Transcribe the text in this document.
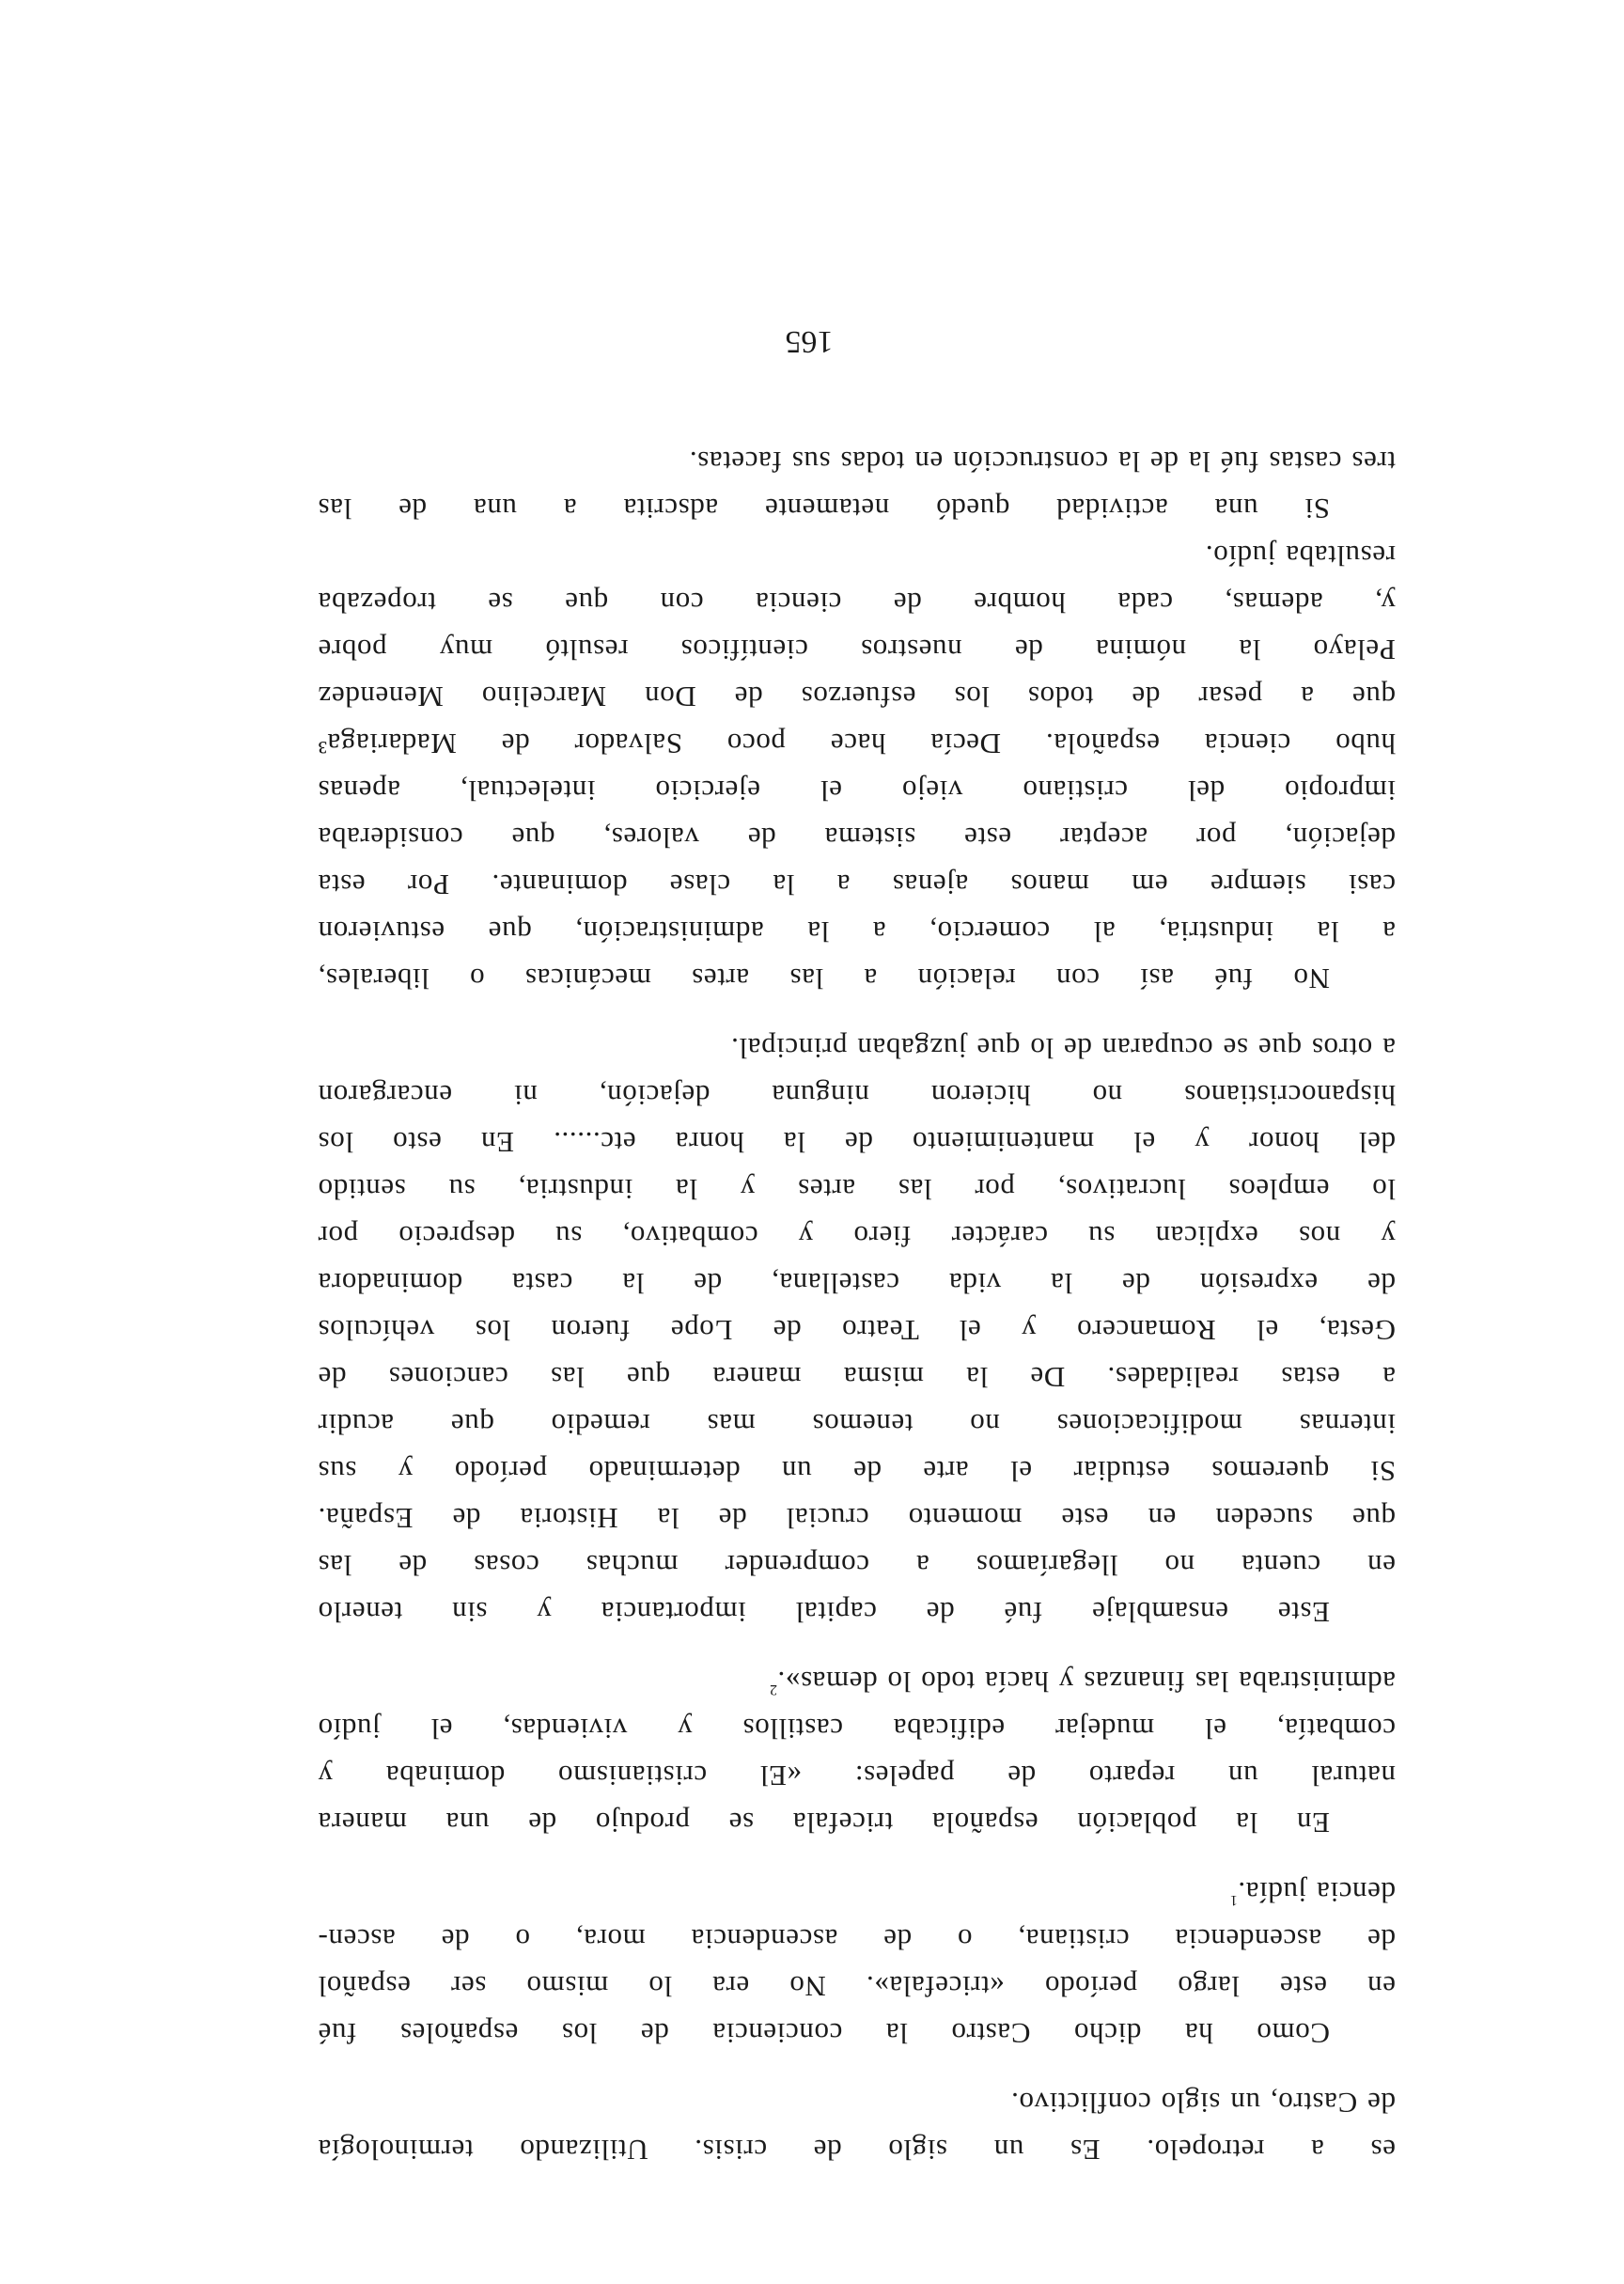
es a retropelo. Es un siglo de crisis. Utilizando terminología
de Castro, un siglo conflictivo.
Como ha dicho Castro la conciencia de los españoles fué
en este largo período «tricefala». No era lo mismo ser español
de ascendencia cristiana, o de ascendencia mora, o de ascen-
dencia judía.$^1$
En la población española tricefala se produjo de una manera
natural un reparto de papeles: «El cristianismo dominaba y
combatía, el mudejar edificaba castillos y viviendas, el judío
administraba las finanzas y hacía todo lo demas».$^2$
Este ensamblaje fué de capital importancia y sin tenerlo
en cuenta no llegaríamos a comprender muchas cosas de las
que suceden en este momento crucial de la Historia de España.
Si queremos estudiar el arte de un determinado período y sus
internas modificaciones no tenemos mas remedio que acudir
a estas realidades. De la misma manera que las canciones de
Gesta, el Romancero y el Teatro de Lope fueron los vehículos
de expresión de la vida castellana, de la casta dominadora
y nos explican su carácter fiero y combativo, su desprecio por
lo empleos lucrativos, por las artes y la industria, su sentido
del honor y el mantenimiento de la honra etc...... En esto los
hispanocristianos no hicieron ninguna dejación, ni encargaron
a otros que se ocuparan de lo que juzgaban principal.
No fué así con relación a las artes mecánicas o liberales,
a la industria, al comercio, a la administración, que estuvieron
casi siempre em manos ajenas a la clase dominante. Por esta
dejación, por aceptar este sistema de valores, que consideraba
impropio del cristiano viejo el ejercicio intelectual, apenas
hubo ciencia española. Decía hace poco Salvador de Madariaga³
que a pesar de todos los esfuerzos de Don Marcelino Menendez
Pelayo la nómina de nuestros científicos resultó muy pobre
y, ademas, cada hombre de ciencia con que se tropezaba
resultaba judío.
Si una actividad quedó netamente adscrita a una de las
tres castas fué la de la construcción en todas sus facetas.
165
